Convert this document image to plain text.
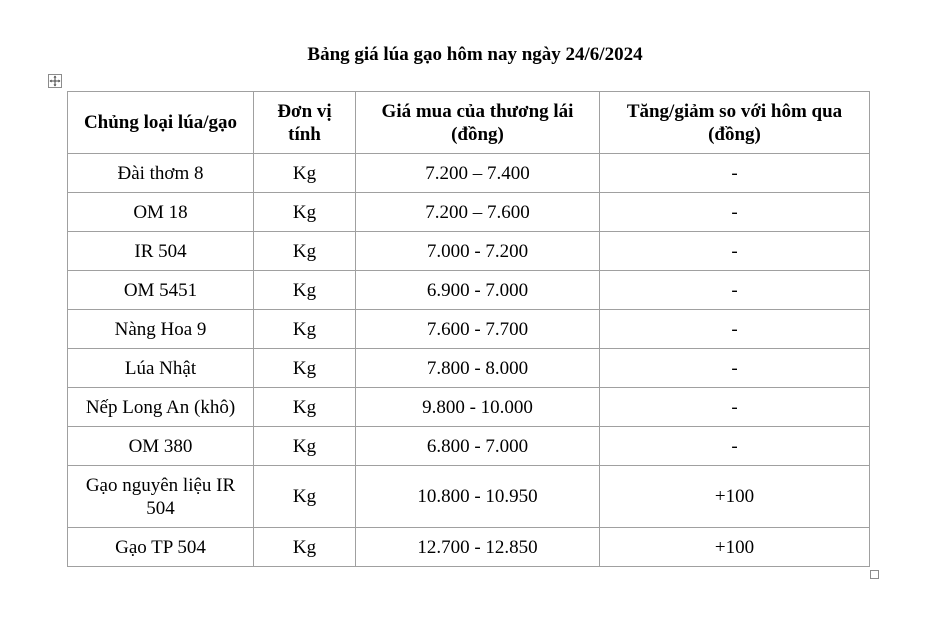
Bảng giá lúa gạo hôm nay ngày 24/6/2024
Chủng loại lúa/gạo	Đơn vị tính	Giá mua của thương lái (đồng)	Tăng/giảm so với hôm qua (đồng)
Đài thơm 8	Kg	7.200 – 7.400	-
OM 18	Kg	7.200 – 7.600	-
IR 504	Kg	7.000 - 7.200	-
OM 5451	Kg	6.900 - 7.000	-
Nàng Hoa 9	Kg	7.600 - 7.700	-
Lúa Nhật	Kg	7.800 - 8.000	-
Nếp Long An (khô)	Kg	9.800 - 10.000	-
OM 380	Kg	6.800 - 7.000	-
Gạo nguyên liệu IR 504	Kg	10.800 - 10.950	+100
Gạo TP 504	Kg	12.700 - 12.850	+100
